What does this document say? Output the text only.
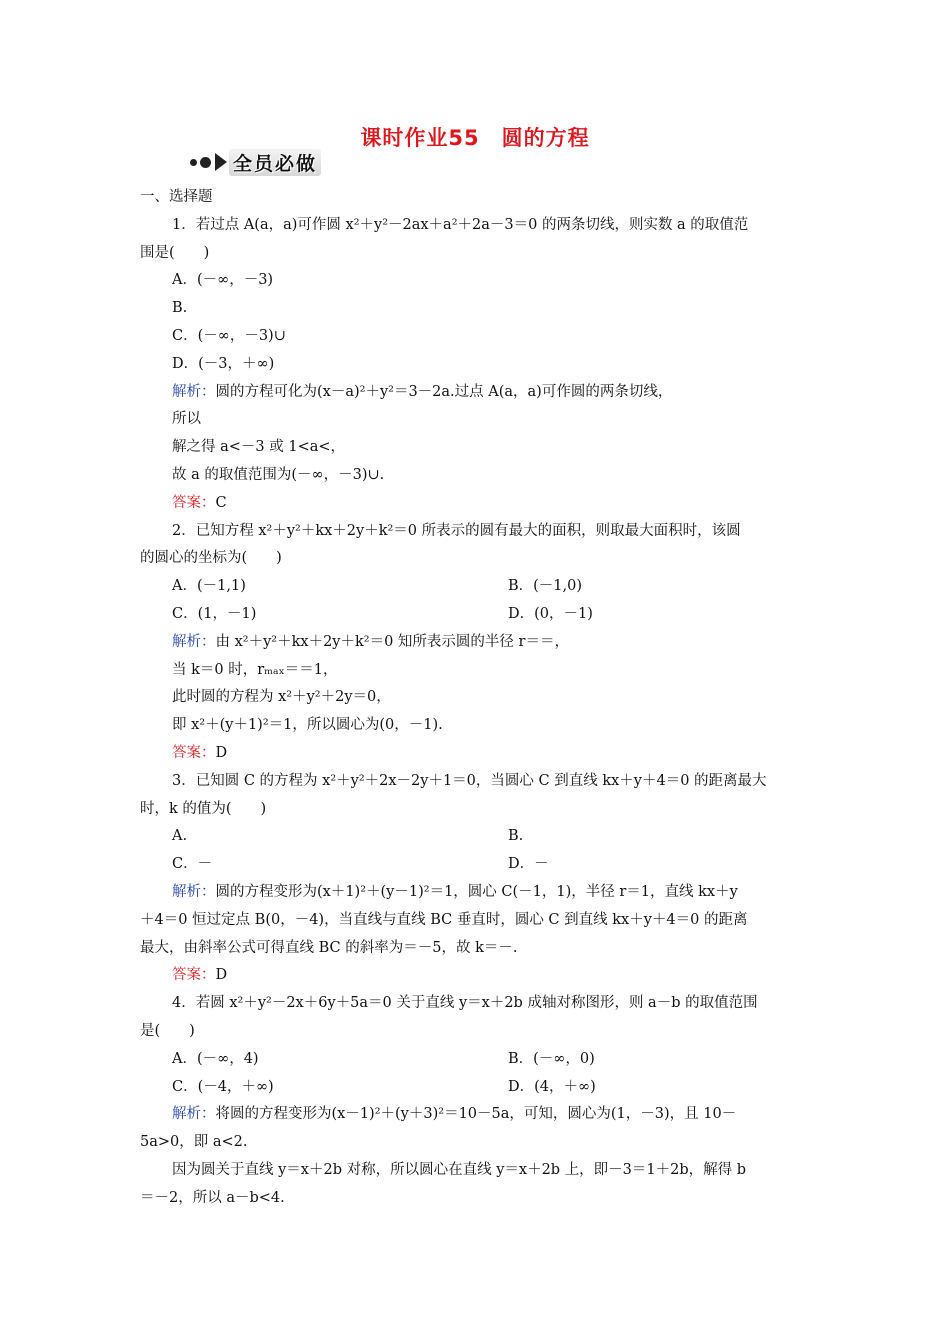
课时作业55　圆的方程
全员必做
一、选择题
1．若过点 A(a，a)可作圆 x²＋y²－2ax＋a²＋2a－3＝0 的两条切线，则实数 a 的取值范
围是(　　)
A．(－∞，－3)
B.
C．(－∞，－3)∪
D．(－3，＋∞)
解析：圆的方程可化为(x－a)²＋y²＝3－2a.过点 A(a，a)可作圆的两条切线，
所以
解之得 a<－3 或 1<a<，
故 a 的取值范围为(－∞，－3)∪.
答案：C
2．已知方程 x²＋y²＋kx＋2y＋k²＝0 所表示的圆有最大的面积，则取最大面积时，该圆
的圆心的坐标为(　　)
A．(－1,1)	B．(－1,0)
C．(1，－1)	D．(0，－1)
解析：由 x²＋y²＋kx＋2y＋k²＝0 知所表示圆的半径 r＝＝，
当 k＝0 时，rₘₐₓ＝＝1，
此时圆的方程为 x²＋y²＋2y＝0，
即 x²＋(y＋1)²＝1，所以圆心为(0，－1).
答案：D
3．已知圆 C 的方程为 x²＋y²＋2x－2y＋1＝0，当圆心 C 到直线 kx＋y＋4＝0 的距离最大
时，k 的值为(　　)
A.	B.
C．－	D．－
解析：圆的方程变形为(x＋1)²＋(y－1)²＝1，圆心 C(－1，1)，半径 r＝1，直线 kx＋y
＋4＝0 恒过定点 B(0，－4)，当直线与直线 BC 垂直时，圆心 C 到直线 kx＋y＋4＝0 的距离
最大，由斜率公式可得直线 BC 的斜率为＝－5，故 k＝－.
答案：D
4．若圆 x²＋y²－2x＋6y＋5a＝0 关于直线 y＝x＋2b 成轴对称图形，则 a－b 的取值范围
是(　　)
A．(－∞，4)	B．(－∞，0)
C．(－4，＋∞)	D．(4，＋∞)
解析：将圆的方程变形为(x－1)²＋(y＋3)²＝10－5a，可知，圆心为(1，－3)，且 10－
5a>0，即 a<2.
因为圆关于直线 y＝x＋2b 对称，所以圆心在直线 y＝x＋2b 上，即－3＝1＋2b，解得 b
＝－2，所以 a－b<4.
